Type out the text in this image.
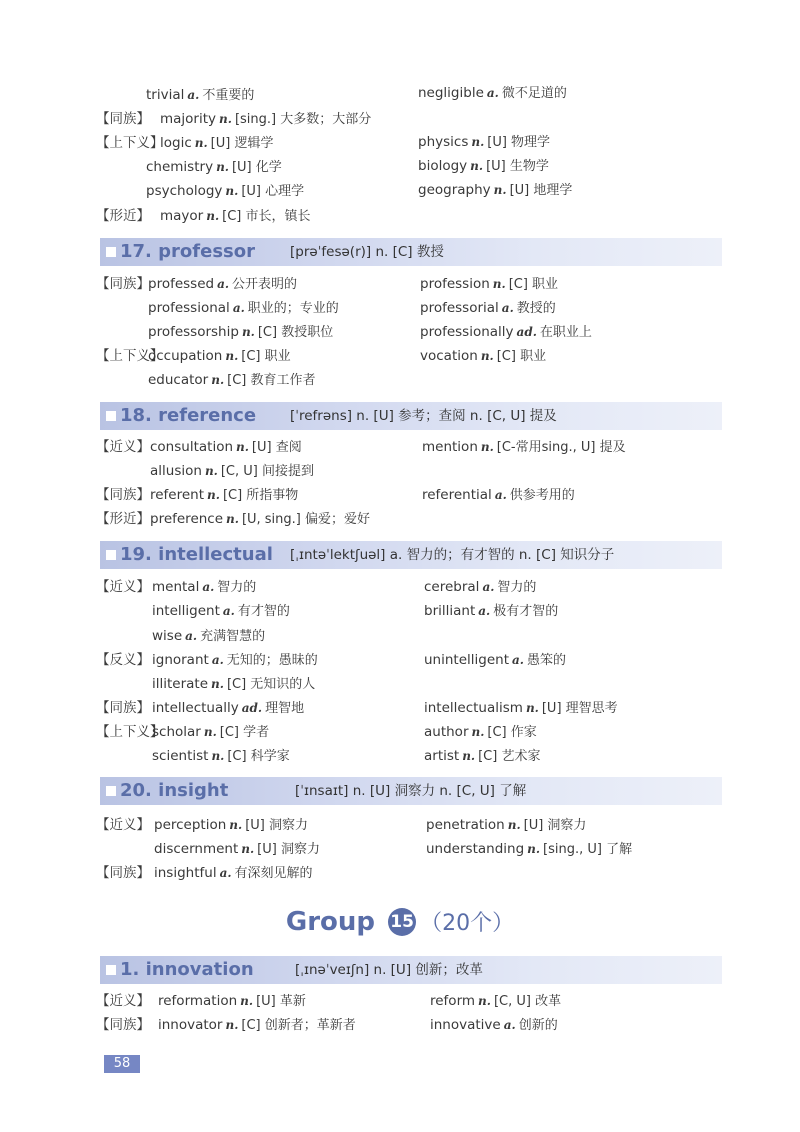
trivial a. 不重要的	negligible a. 微不足道的
【同族】 majority n. [sing.] 大多数；大部分
【上下义】
logic n. [U] 逻辑学	physics n. [U] 物理学
chemistry n. [U] 化学	biology n. [U] 生物学
psychology n. [U] 心理学	geography n. [U] 地理学
【形近】 mayor n. [C] 市长，镇长
17. professor	[prəˈfesə(r)] n. [C] 教授
【同族】
professed a. 公开表明的	profession n. [C] 职业
professional a. 职业的；专业的	professorial a. 教授的
professorship n. [C] 教授职位	professionally ad. 在职业上
【上下义】
occupation n. [C] 职业	vocation n. [C] 职业
educator n. [C] 教育工作者
18. reference	[ˈrefrəns] n. [U] 参考；查阅 n. [C, U] 提及
【近义】 consultation n. [U] 查阅	mention n. [C-常用sing., U] 提及
allusion n. [C, U] 间接提到
【同族】 referent n. [C] 所指事物	referential a. 供参考用的
【形近】 preference n. [U, sing.] 偏爱；爱好
19. intellectual [ˌɪntəˈlektʃuəl] a. 智力的；有才智的 n. [C] 知识分子
【近义】 mental a. 智力的	cerebral a. 智力的
intelligent a. 有才智的	brilliant a. 极有才智的
wise a. 充满智慧的
【反义】 ignorant a. 无知的；愚昧的	unintelligent a. 愚笨的
illiterate n. [C] 无知识的人
【同族】 intellectually ad. 理智地	intellectualism n. [U] 理智思考
【上下义】
scholar n. [C] 学者	author n. [C] 作家
scientist n. [C] 科学家	artist n. [C] 艺术家
20. insight	[ˈɪnsaɪt] n. [U] 洞察力 n. [C, U] 了解
【近义】 perception n. [U] 洞察力	penetration n. [U] 洞察力
discernment n. [U] 洞察力	understanding n. [sing., U] 了解
【同族】 insightful a. 有深刻见解的
Group 15 （20个）
1. innovation	[ˌɪnəˈveɪʃn] n. [U] 创新；改革
【近义】 reformation n. [U] 革新	reform n. [C, U] 改革
【同族】 innovator n. [C] 创新者；革新者	innovative a. 创新的
58
